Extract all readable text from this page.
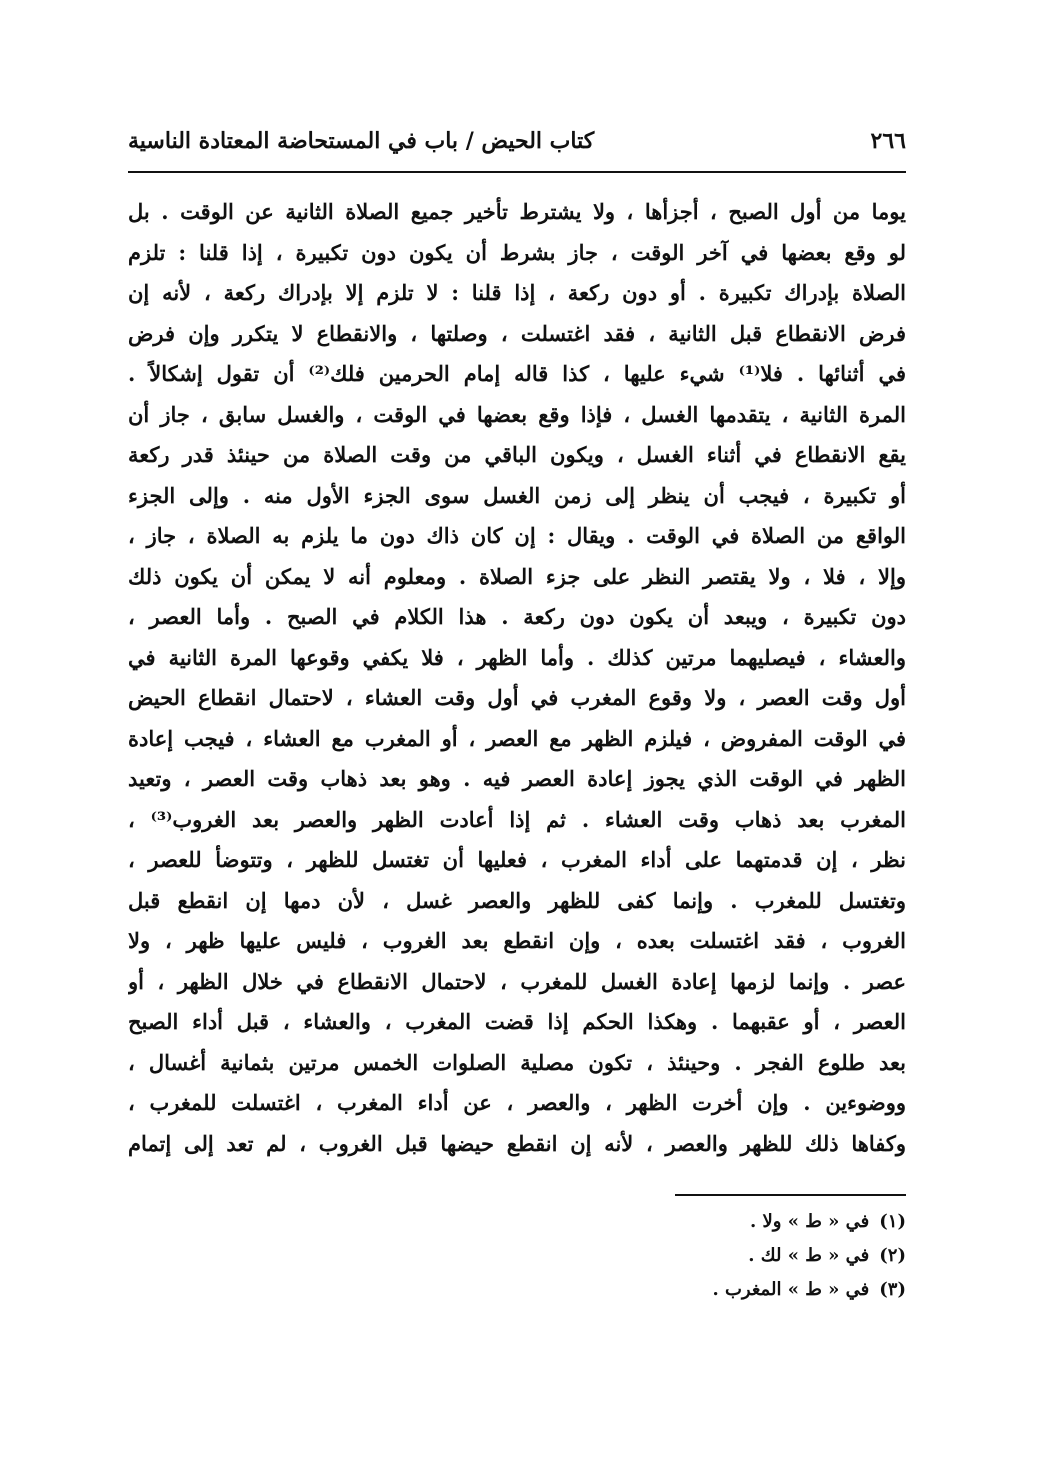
٢٦٦
كتاب الحيض / باب في المستحاضة المعتادة الناسية
يوما من أول الصبح ، أجزأها ، ولا يشترط تأخير جميع الصلاة الثانية عن الوقت . بل
لو وقع بعضها في آخر الوقت ، جاز بشرط أن يكون دون تكبيرة ، إذا قلنا : تلزم
الصلاة بإدراك تكبيرة . أو دون ركعة ، إذا قلنا : لا تلزم إلا بإدراك ركعة ، لأنه إن
فرض الانقطاع قبل الثانية ، فقد اغتسلت ، وصلتها ، والانقطاع لا يتكرر وإن فرض
في أثنائها . فلا⁽¹⁾ شيء عليها ، كذا قاله إمام الحرمين فلك⁽²⁾ أن تقول إشكالاً .
المرة الثانية ، يتقدمها الغسل ، فإذا وقع بعضها في الوقت ، والغسل سابق ، جاز أن
يقع الانقطاع في أثناء الغسل ، ويكون الباقي من وقت الصلاة من حينئذ قدر ركعة
أو تكبيرة ، فيجب أن ينظر إلى زمن الغسل سوى الجزء الأول منه . وإلى الجزء
الواقع من الصلاة في الوقت . ويقال : إن كان ذاك دون ما يلزم به الصلاة ، جاز ،
وإلا ، فلا ، ولا يقتصر النظر على جزء الصلاة . ومعلوم أنه لا يمكن أن يكون ذلك
دون تكبيرة ، ويبعد أن يكون دون ركعة . هذا الكلام في الصبح . وأما العصر ،
والعشاء ، فيصليهما مرتين كذلك . وأما الظهر ، فلا يكفي وقوعها المرة الثانية في
أول وقت العصر ، ولا وقوع المغرب في أول وقت العشاء ، لاحتمال انقطاع الحيض
في الوقت المفروض ، فيلزم الظهر مع العصر ، أو المغرب مع العشاء ، فيجب إعادة
الظهر في الوقت الذي يجوز إعادة العصر فيه . وهو بعد ذهاب وقت العصر ، وتعيد
المغرب بعد ذهاب وقت العشاء . ثم إذا أعادت الظهر والعصر بعد الغروب⁽³⁾ ،
نظر ، إن قدمتهما على أداء المغرب ، فعليها أن تغتسل للظهر ، وتتوضأ للعصر ،
وتغتسل للمغرب . وإنما كفى للظهر والعصر غسل ، لأن دمها إن انقطع قبل
الغروب ، فقد اغتسلت بعده ، وإن انقطع بعد الغروب ، فليس عليها ظهر ، ولا
عصر . وإنما لزمها إعادة الغسل للمغرب ، لاحتمال الانقطاع في خلال الظهر ، أو
العصر ، أو عقبهما . وهكذا الحكم إذا قضت المغرب ، والعشاء ، قبل أداء الصبح
بعد طلوع الفجر . وحينئذ ، تكون مصلية الصلوات الخمس مرتين بثمانية أغسال ،
ووضوءين . وإن أخرت الظهر ، والعصر ، عن أداء المغرب ، اغتسلت للمغرب ،
وكفاها ذلك للظهر والعصر ، لأنه إن انقطع حيضها قبل الغروب ، لم تعد إلى إتمام
(١)في « ط » ولا .
(٢)في « ط » لك .
(٣)في « ط » المغرب .
